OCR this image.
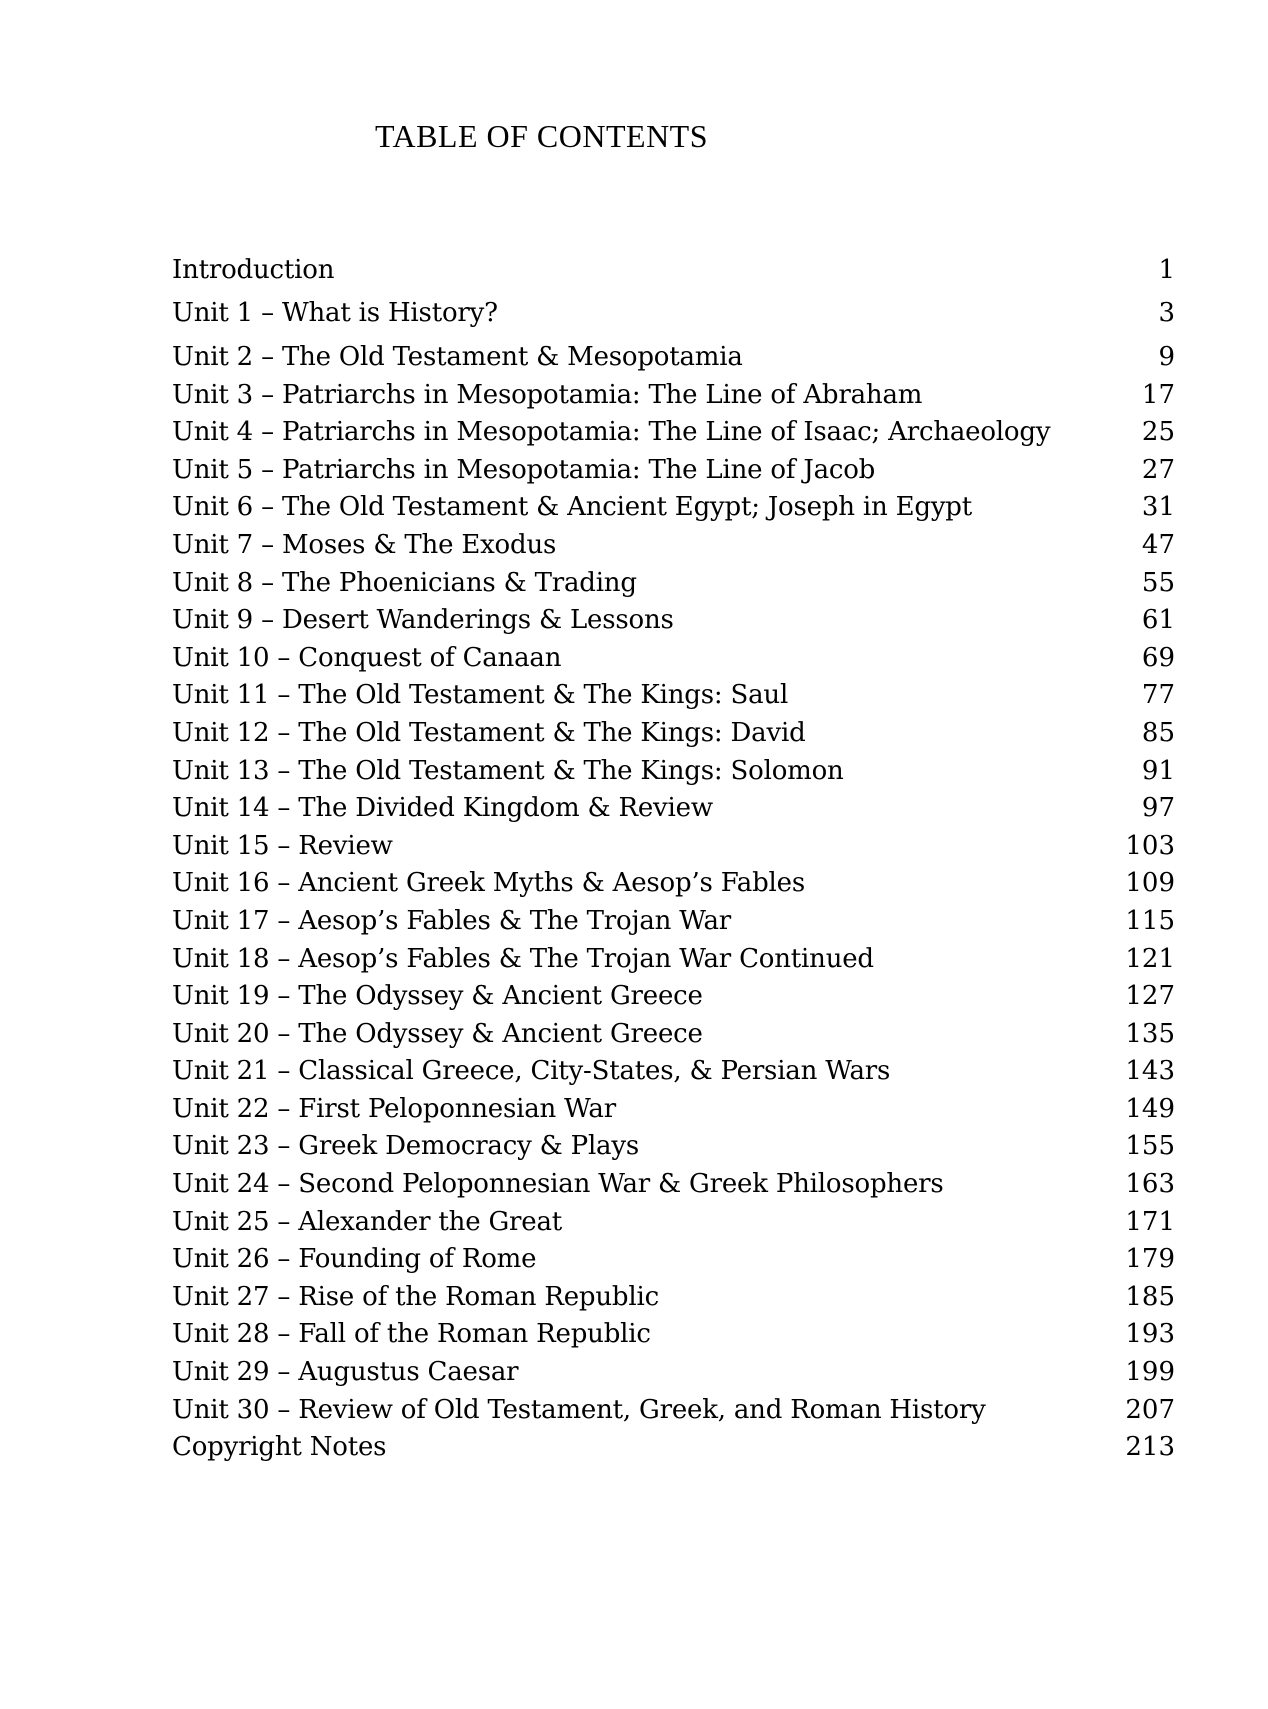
TABLE OF CONTENTS
Introduction	1
Unit 1 – What is History?	3
Unit 2 – The Old Testament & Mesopotamia	9
Unit 3 – Patriarchs in Mesopotamia: The Line of Abraham	17
Unit 4 – Patriarchs in Mesopotamia: The Line of Isaac; Archaeology	25
Unit 5 – Patriarchs in Mesopotamia: The Line of Jacob	27
Unit 6 – The Old Testament & Ancient Egypt; Joseph in Egypt	31
Unit 7 – Moses & The Exodus	47
Unit 8 – The Phoenicians & Trading	55
Unit 9 – Desert Wanderings & Lessons	61
Unit 10 – Conquest of Canaan	69
Unit 11 – The Old Testament & The Kings: Saul	77
Unit 12 – The Old Testament & The Kings: David	85
Unit 13 – The Old Testament & The Kings: Solomon	91
Unit 14 – The Divided Kingdom & Review	97
Unit 15 – Review	103
Unit 16 – Ancient Greek Myths & Aesop’s Fables	109
Unit 17 – Aesop’s Fables & The Trojan War	115
Unit 18 – Aesop’s Fables & The Trojan War Continued	121
Unit 19 – The Odyssey & Ancient Greece	127
Unit 20 – The Odyssey & Ancient Greece	135
Unit 21 – Classical Greece, City-States, & Persian Wars	143
Unit 22 – First Peloponnesian War	149
Unit 23 – Greek Democracy & Plays	155
Unit 24 – Second Peloponnesian War & Greek Philosophers	163
Unit 25 – Alexander the Great	171
Unit 26 – Founding of Rome	179
Unit 27 – Rise of the Roman Republic	185
Unit 28 – Fall of the Roman Republic	193
Unit 29 – Augustus Caesar	199
Unit 30 – Review of Old Testament, Greek, and Roman History	207
Copyright Notes	213
